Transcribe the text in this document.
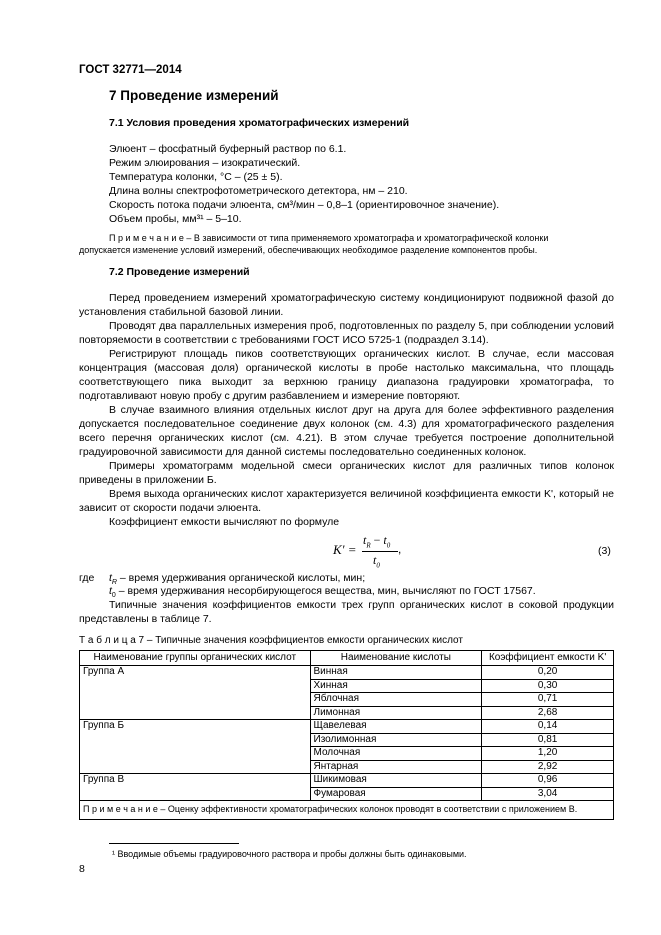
ГОСТ 32771—2014
7 Проведение измерений
7.1 Условия проведения хроматографических измерений
Элюент – фосфатный буферный раствор по 6.1.
Режим элюирования – изократический.
Температура колонки, °С – (25 ± 5).
Длина волны спектрофотометрического детектора, нм – 210.
Скорость потока подачи элюента, см³/мин – 0,8–1 (ориентировочное значение).
Объем пробы, мм³¹ – 5–10.
П р и м е ч а н и е – В зависимости от типа применяемого хроматографа и хроматографической колонки
допускается изменение условий измерений, обеспечивающих необходимое разделение компонентов пробы.
7.2 Проведение измерений
Перед проведением измерений хроматографическую систему кондиционируют подвижной фазой до установления стабильной базовой линии.
Проводят два параллельных измерения проб, подготовленных по разделу 5, при соблюдении условий повторяемости в соответствии с требованиями ГОСТ ИСО 5725-1 (подраздел 3.14).
Регистрируют площадь пиков соответствующих органических кислот. В случае, если массовая концентрация (массовая доля) органической кислоты в пробе настолько максимальна, что площадь соответствующего пика выходит за верхнюю границу диапазона градуировки хроматографа, то подготавливают новую пробу с другим разбавлением и измерение повторяют.
В случае взаимного влияния отдельных кислот друг на друга для более эффективного разделения допускается последовательное соединение двух колонок (см. 4.3) для хроматографического разделения всего перечня органических кислот (см. 4.21). В этом случае требуется построение дополнительной градуировочной зависимости для данной системы последовательно соединенных колонок.
Примеры хроматограмм модельной смеси органических кислот для различных типов колонок приведены в приложении Б.
Время выхода органических кислот характеризуется величиной коэффициента емкости K', который не зависит от скорости подачи элюента.
Коэффициент емкости вычисляют по формуле
K' =
$t_R - t_0$
$t_0$
,	(3)
где $t_R$ – время удерживания органической кислоты, мин;
$t_0$ – время удерживания несорбирующегося вещества, мин, вычисляют по ГОСТ 17567.
Типичные значения коэффициентов емкости трех групп органических кислот в соковой продукции представлены в таблице 7.
Т а б л и ц а 7 – Типичные значения коэффициентов емкости органических кислот
Наименование группы органических кислот	Наименование кислоты	Коэффициент емкости K'
Группа А	Винная	0,20
	Хинная	0,30
	Яблочная	0,71
	Лимонная	2,68
Группа Б	Щавелевая	0,14
	Изолимонная	0,81
	Молочная	1,20
	Янтарная	2,92
Группа В	Шикимовая	0,96
	Фумаровая	3,04
П р и м е ч а н и е – Оценку эффективности хроматографических колонок проводят в соответствии с приложением В.		
¹ Вводимые объемы градуировочного раствора и пробы должны быть одинаковыми.
8
